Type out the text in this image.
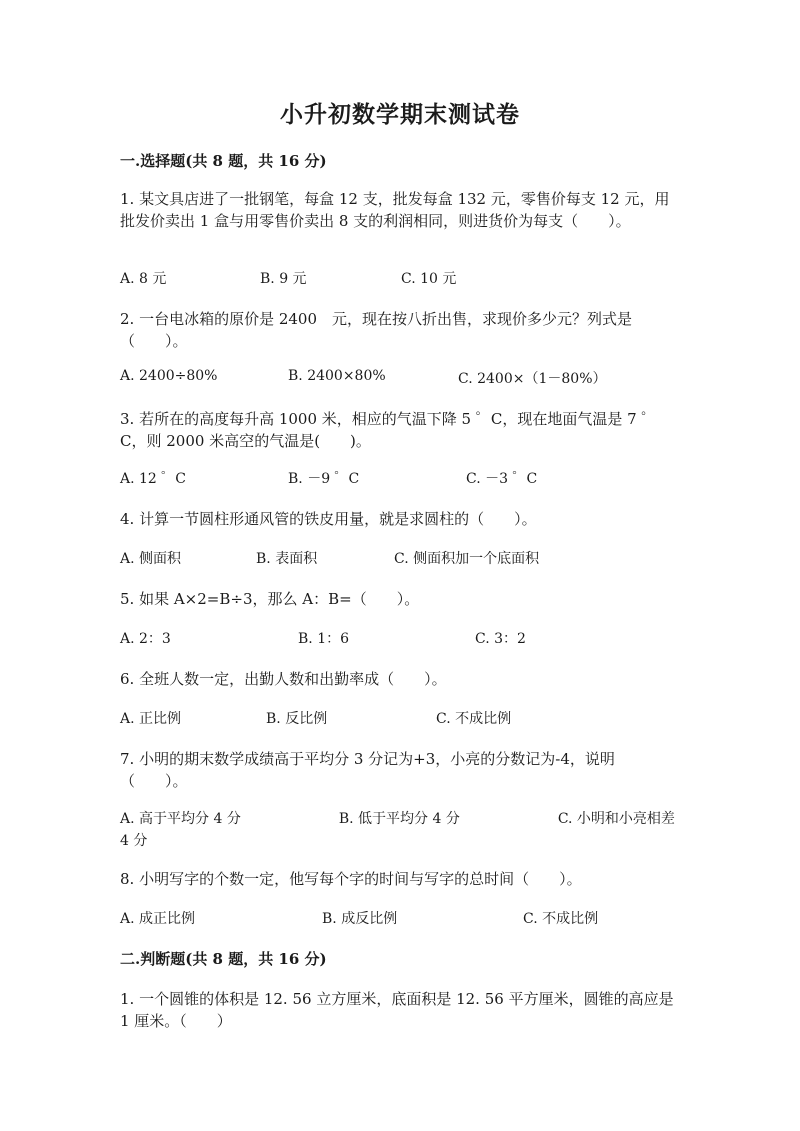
小升初数学期末测试卷
一.选择题(共 8 题，共 16 分)
1. 某文具店进了一批钢笔，每盒 12 支，批发每盒 132 元，零售价每支 12 元，用批发价卖出 1 盒与用零售价卖出 8 支的利润相同，则进货价为每支（　　）。
A. 8 元	B. 9 元	C. 10 元
2. 一台电冰箱的原价是 2400　元，现在按八折出售，求现价多少元？列式是（　　）。
A. 2400÷80%	B. 2400×80%	C. 2400×（1－80%）
3. 若所在的高度每升高 1000 米，相应的气温下降 5 ゜C，现在地面气温是 7 ゜C，则 2000 米高空的气温是(　　)。
A. 12 ゜C	B. －9 ゜C	C. －3 ゜C
4. 计算一节圆柱形通风管的铁皮用量，就是求圆柱的（　　）。
A. 侧面积	B. 表面积	C. 侧面积加一个底面积
5. 如果 A×2=B÷3，那么 A：B=（　　）。
A. 2：3	B. 1：6	C. 3：2
6. 全班人数一定，出勤人数和出勤率成（　　）。
A. 正比例	B. 反比例	C. 不成比例
7. 小明的期末数学成绩高于平均分 3 分记为+3，小亮的分数记为-4，说明（　　）。
A. 高于平均分 4 分　　　　　　　B. 低于平均分 4 分　　　　　　　C. 小明和小亮相差 4 分
8. 小明写字的个数一定，他写每个字的时间与写字的总时间（　　）。
A. 成正比例	B. 成反比例	C. 不成比例
二.判断题(共 8 题，共 16 分)
1. 一个圆锥的体积是 12. 56 立方厘米，底面积是 12. 56 平方厘米，圆锥的高应是 1 厘米。（　　）
